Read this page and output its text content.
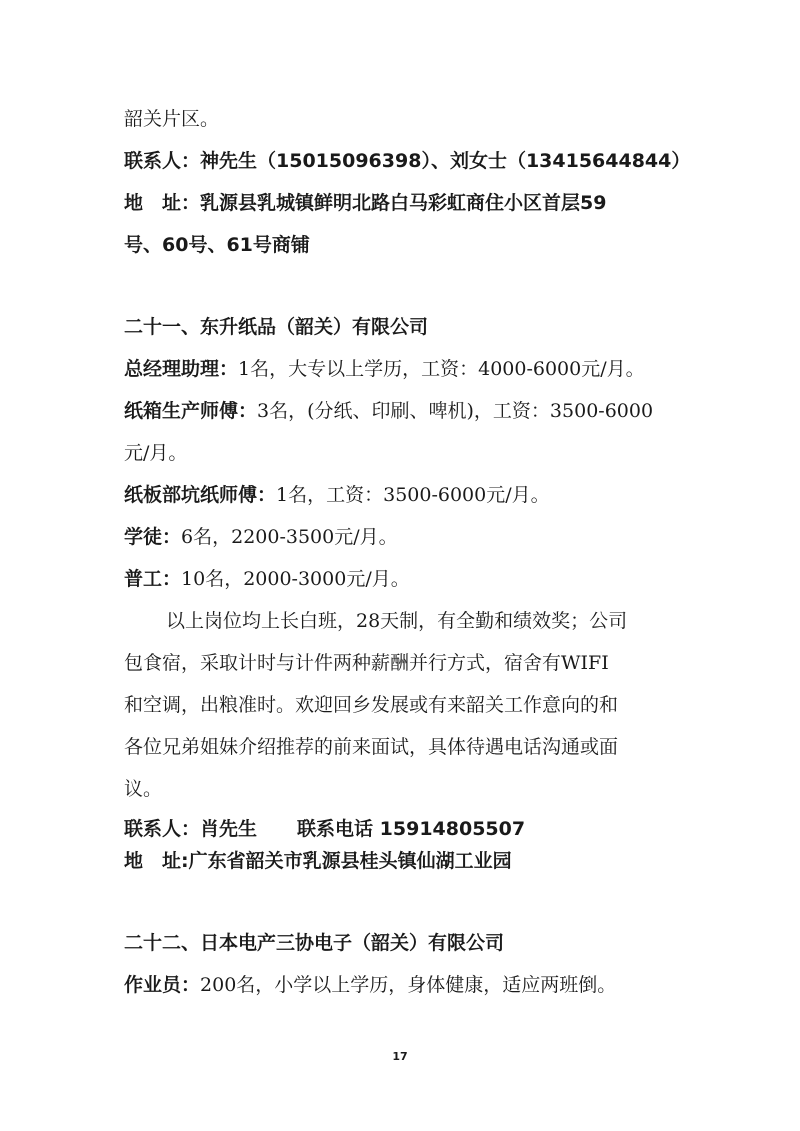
韶关片区。
联系人：神先生（15015096398）、刘女士（13415644844）
地　址：乳源县乳城镇鲜明北路白马彩虹商住小区首层59
号、60号、61号商铺
二十一、东升纸品（韶关）有限公司
总经理助理：1名，大专以上学历，工资：4000-6000元/月。
纸箱生产师傅：3名，(分纸、印刷、啤机)，工资：3500-6000
元/月。
纸板部坑纸师傅：1名，工资：3500-6000元/月。
学徒：6名，2200-3500元/月。
普工：10名，2000-3000元/月。
以上岗位均上长白班，28天制，有全勤和绩效奖；公司
包食宿，采取计时与计件两种薪酬并行方式，宿舍有WIFI
和空调，出粮准时。欢迎回乡发展或有来韶关工作意向的和
各位兄弟姐妹介绍推荐的前来面试，具体待遇电话沟通或面
议。
联系人：肖先生 联系电话 15914805507
地　址:广东省韶关市乳源县桂头镇仙湖工业园
二十二、日本电产三协电子（韶关）有限公司
作业员：200名，小学以上学历，身体健康，适应两班倒。
17
